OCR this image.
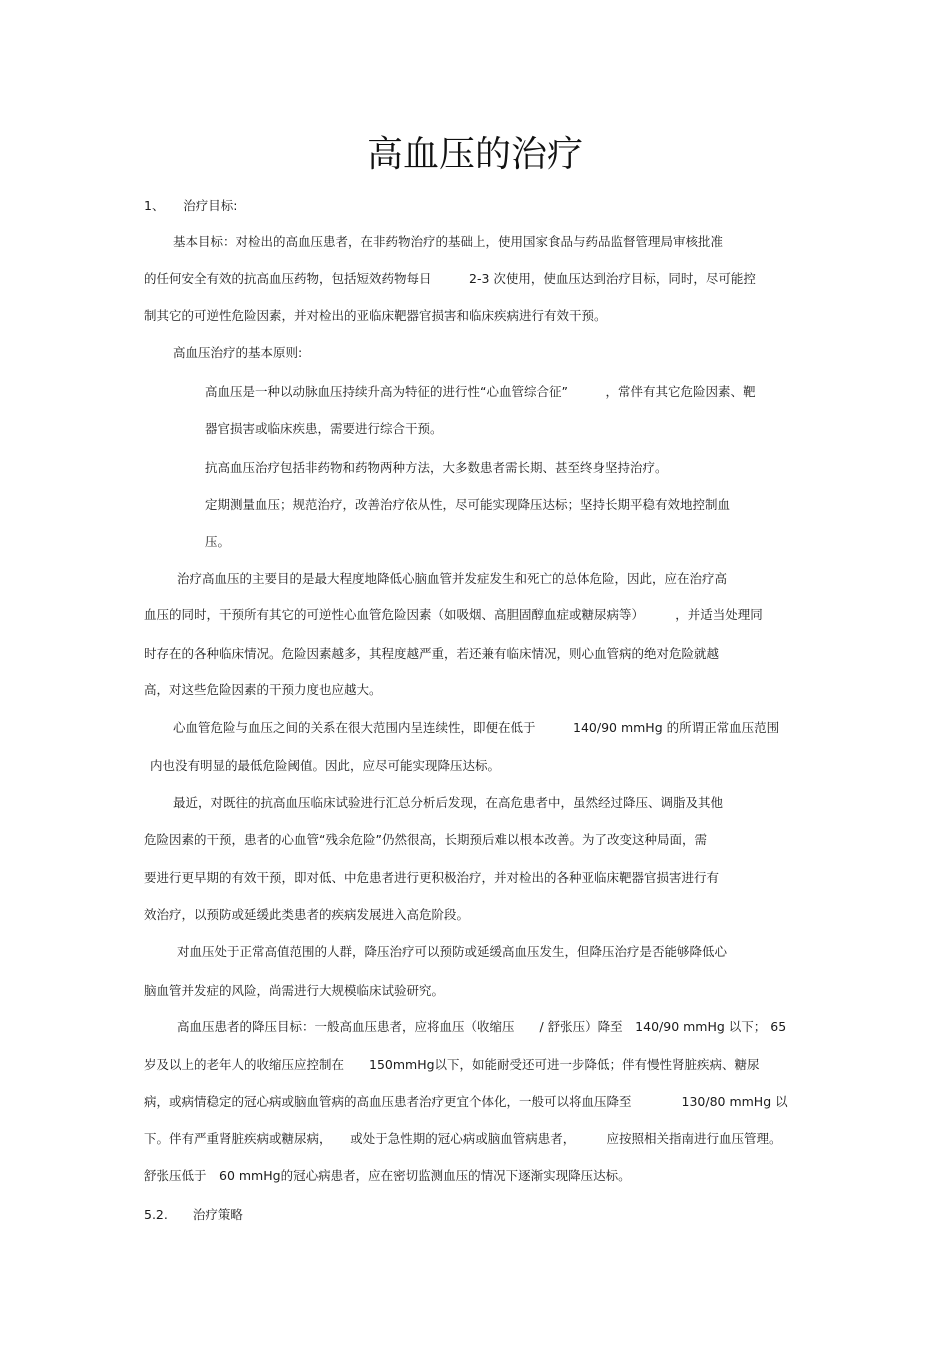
高血压的治疗
1、　　治疗目标:
基本目标：对检出的高血压患者，在非药物治疗的基础上，使用国家食品与药品监督管理局审核批准
的任何安全有效的抗高血压药物，包括短效药物每日　　　2-3 次使用，使血压达到治疗目标，同时，尽可能控
制其它的可逆性危险因素，并对检出的亚临床靶器官损害和临床疾病进行有效干预。
高血压治疗的基本原则:
高血压是一种以动脉血压持续升高为特征的进行性“心血管综合征”　　　，常伴有其它危险因素、靶
器官损害或临床疾患，需要进行综合干预。
抗高血压治疗包括非药物和药物两种方法，大多数患者需长期、甚至终身坚持治疗。
定期测量血压；规范治疗，改善治疗依从性，尽可能实现降压达标；坚持长期平稳有效地控制血
压。
治疗高血压的主要目的是最大程度地降低心脑血管并发症发生和死亡的总体危险，因此，应在治疗高
血压的同时，干预所有其它的可逆性心血管危险因素（如吸烟、高胆固醇血症或糖尿病等）　　　，并适当处理同
时存在的各种临床情况。危险因素越多，其程度越严重，若还兼有临床情况，则心血管病的绝对危险就越
高，对这些危险因素的干预力度也应越大。
心血管危险与血压之间的关系在很大范围内呈连续性，即便在低于　　　140/90 mmHg 的所谓正常血压范围
内也没有明显的最低危险阈值。因此，应尽可能实现降压达标。
最近，对既往的抗高血压临床试验进行汇总分析后发现，在高危患者中，虽然经过降压、调脂及其他
危险因素的干预，患者的心血管“残余危险”仍然很高，长期预后难以根本改善。为了改变这种局面，需
要进行更早期的有效干预，即对低、中危患者进行更积极治疗，并对检出的各种亚临床靶器官损害进行有
效治疗，以预防或延缓此类患者的疾病发展进入高危阶段。
对血压处于正常高值范围的人群，降压治疗可以预防或延缓高血压发生，但降压治疗是否能够降低心
脑血管并发症的风险，尚需进行大规模临床试验研究。
高血压患者的降压目标：一般高血压患者，应将血压（收缩压　　/ 舒张压）降至　140/90 mmHg 以下； 65
岁及以上的老年人的收缩压应控制在　　150mmHg以下，如能耐受还可进一步降低；伴有慢性肾脏疾病、糖尿
病，或病情稳定的冠心病或脑血管病的高血压患者治疗更宜个体化，一般可以将血压降至　　　　130/80 mmHg 以
下。伴有严重肾脏疾病或糖尿病，　　或处于急性期的冠心病或脑血管病患者，　　　应按照相关指南进行血压管理。
舒张压低于　60 mmHg的冠心病患者，应在密切监测血压的情况下逐渐实现降压达标。
5.2.　　治疗策略
